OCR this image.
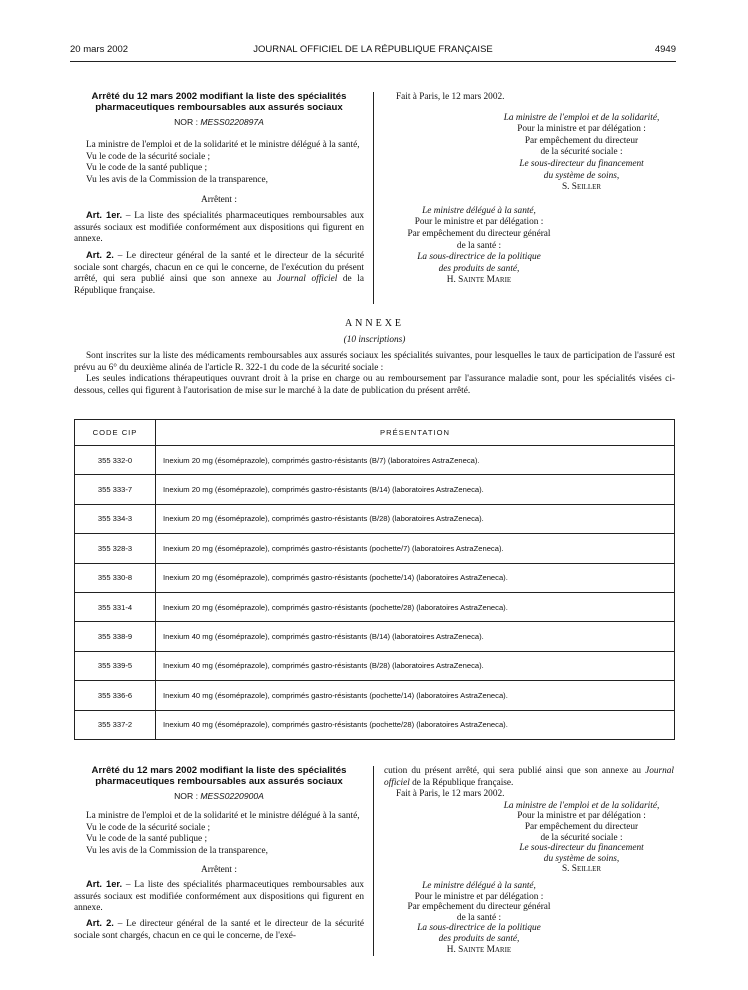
20 mars 2002	JOURNAL OFFICIEL DE LA RÉPUBLIQUE FRANÇAISE	4949
Arrêté du 12 mars 2002 modifiant la liste des spécialités pharmaceutiques remboursables aux assurés sociaux
NOR : MESS0220897A

La ministre de l'emploi et de la solidarité et le ministre délégué à la santé,

Vu le code de la sécurité sociale ;

Vu le code de la santé publique ;

Vu les avis de la Commission de la transparence,

Arrêtent :

Art. 1er. – La liste des spécialités pharmaceutiques remboursables aux assurés sociaux est modifiée conformément aux dispositions qui figurent en annexe.

Art. 2. – Le directeur général de la santé et le directeur de la sécurité sociale sont chargés, chacun en ce qui le concerne, de l'exécution du présent arrêté, qui sera publié ainsi que son annexe au Journal officiel de la République française.

Fait à Paris, le 12 mars 2002.

La ministre de l'emploi et de la solidarité,

Pour la ministre et par délégation :

Par empêchement du directeur

de la sécurité sociale :

Le sous-directeur du financement

du système de soins,

S. Seiller

Le ministre délégué à la santé,

Pour le ministre et par délégation :

Par empêchement du directeur général

de la santé :

La sous-directrice de la politique

des produits de santé,

H. Sainte Marie

ANNEXE

(10 inscriptions)

Sont inscrites sur la liste des médicaments remboursables aux assurés sociaux les spécialités suivantes, pour lesquelles le taux de participation de l'assuré est prévu au 6° du deuxième alinéa de l'article R. 322-1 du code de la sécurité sociale :

Les seules indications thérapeutiques ouvrant droit à la prise en charge ou au remboursement par l'assurance maladie sont, pour les spécialités visées ci-dessous, celles qui figurent à l'autorisation de mise sur le marché à la date de publication du présent arrêté.

CODE CIP	PRÉSENTATION
355 332-0	Inexium 20 mg (ésoméprazole), comprimés gastro-résistants (B/7) (laboratoires AstraZeneca).
355 333-7	Inexium 20 mg (ésoméprazole), comprimés gastro-résistants (B/14) (laboratoires AstraZeneca).
355 334-3	Inexium 20 mg (ésoméprazole), comprimés gastro-résistants (B/28) (laboratoires AstraZeneca).
355 328-3	Inexium 20 mg (ésoméprazole), comprimés gastro-résistants (pochette/7) (laboratoires AstraZeneca).
355 330-8	Inexium 20 mg (ésoméprazole), comprimés gastro-résistants (pochette/14) (laboratoires AstraZeneca).
355 331-4	Inexium 20 mg (ésoméprazole), comprimés gastro-résistants (pochette/28) (laboratoires AstraZeneca).
355 338-9	Inexium 40 mg (ésoméprazole), comprimés gastro-résistants (B/14) (laboratoires AstraZeneca).
355 339-5	Inexium 40 mg (ésoméprazole), comprimés gastro-résistants (B/28) (laboratoires AstraZeneca).
355 336-6	Inexium 40 mg (ésoméprazole), comprimés gastro-résistants (pochette/14) (laboratoires AstraZeneca).
355 337-2	Inexium 40 mg (ésoméprazole), comprimés gastro-résistants (pochette/28) (laboratoires AstraZeneca).
Arrêté du 12 mars 2002 modifiant la liste des spécialités pharmaceutiques remboursables aux assurés sociaux
NOR : MESS0220900A

La ministre de l'emploi et de la solidarité et le ministre délégué à la santé,

Vu le code de la sécurité sociale ;

Vu le code de la santé publique ;

Vu les avis de la Commission de la transparence,

Arrêtent :

Art. 1er. – La liste des spécialités pharmaceutiques remboursables aux assurés sociaux est modifiée conformément aux dispositions qui figurent en annexe.

Art. 2. – Le directeur général de la santé et le directeur de la sécurité sociale sont chargés, chacun en ce qui le concerne, de l'exé-

cution du présent arrêté, qui sera publié ainsi que son annexe au Journal officiel de la République française.

Fait à Paris, le 12 mars 2002.

La ministre de l'emploi et de la solidarité,

Pour la ministre et par délégation :

Par empêchement du directeur

de la sécurité sociale :

Le sous-directeur du financement

du système de soins,

S. Seiller

Le ministre délégué à la santé,

Pour le ministre et par délégation :

Par empêchement du directeur général

de la santé :

La sous-directrice de la politique

des produits de santé,

H. Sainte Marie
